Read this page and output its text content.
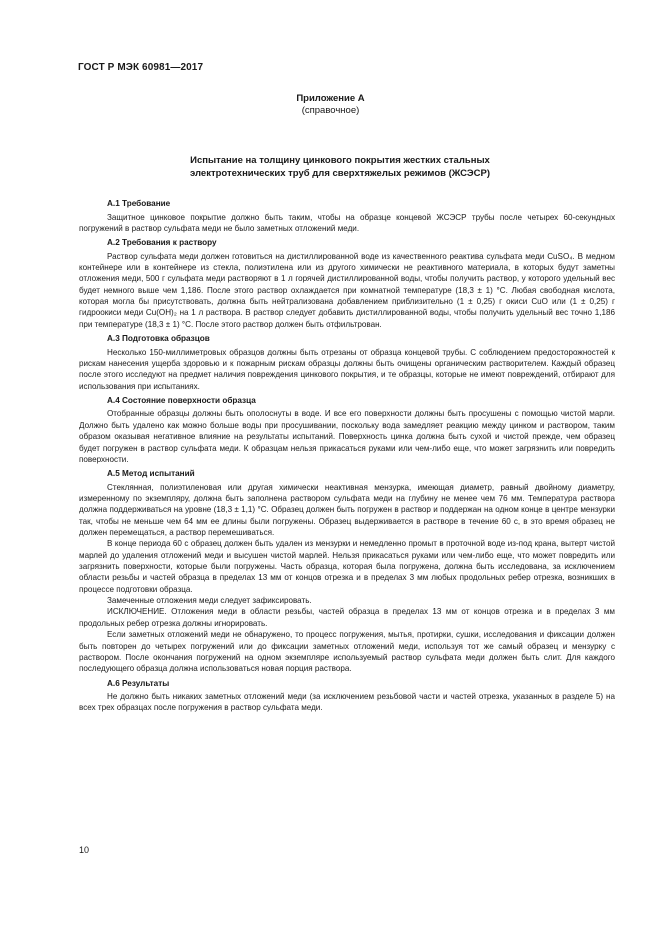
ГОСТ Р МЭК 60981—2017
Приложение А
(справочное)
Испытание на толщину цинкового покрытия жестких стальных
электротехнических труб для сверхтяжелых режимов (ЖСЭСР)
А.1 Требование

Защитное цинковое покрытие должно быть таким, чтобы на образце концевой ЖСЭСР трубы после четырех 60-секундных погружений в раствор сульфата меди не было заметных отложений меди.

А.2 Требования к раствору

Раствор сульфата меди должен готовиться на дистиллированной воде из качественного реактива сульфата меди CuSO₄. В медном контейнере или в контейнере из стекла, полиэтилена или из другого химически не реактивного материала, в которых будут заметны отложения меди, 500 г сульфата меди растворяют в 1 л горячей дистиллированной воды, чтобы получить раствор, у которого удельный вес будет немного выше чем 1,186. После этого раствор охлаждается при комнатной температуре (18,3 ± 1) °С. Любая свободная кислота, которая могла бы присутствовать, должна быть нейтрализована добавлением приблизительно (1 ± 0,25) г окиси CuO или (1 ± 0,25) г гидроокиси меди Cu(OH)₂ на 1 л раствора. В раствор следует добавить дистиллированной воды, чтобы получить удельный вес точно 1,186 при температуре (18,3 ± 1) °С. После этого раствор должен быть отфильтрован.

А.3 Подготовка образцов

Несколько 150-миллиметровых образцов должны быть отрезаны от образца концевой трубы. С соблюдением предосторожностей к рискам нанесения ущерба здоровью и к пожарным рискам образцы должны быть очищены органическим растворителем. Каждый образец после этого исследуют на предмет наличия повреждения цинкового покрытия, и те образцы, которые не имеют повреждений, отбирают для использования при испытаниях.

А.4 Состояние поверхности образца

Отобранные образцы должны быть ополоснуты в воде. И все его поверхности должны быть просушены с помощью чистой марли. Должно быть удалено как можно больше воды при просушивании, поскольку вода замедляет реакцию между цинком и раствором, таким образом оказывая негативное влияние на результаты испытаний. Поверхность цинка должна быть сухой и чистой прежде, чем образец будет погружен в раствор сульфата меди. К образцам нельзя прикасаться руками или чем-либо еще, что может загрязнить или повредить поверхности.

А.5 Метод испытаний

Стеклянная, полиэтиленовая или другая химически неактивная мензурка, имеющая диаметр, равный двойному диаметру, измеренному по экземпляру, должна быть заполнена раствором сульфата меди на глубину не менее чем 76 мм. Температура раствора должна поддерживаться на уровне (18,3 ± 1,1) °С. Образец должен быть погружен в раствор и поддержан на одном конце в центре мензурки так, чтобы не меньше чем 64 мм ее длины были погружены. Образец выдерживается в растворе в течение 60 с, в это время образец не должен перемещаться, а раствор перемешиваться.

В конце периода 60 с образец должен быть удален из мензурки и немедленно промыт в проточной воде из-под крана, вытерт чистой марлей до удаления отложений меди и высушен чистой марлей. Нельзя прикасаться руками или чем-либо еще, что может повредить или загрязнить поверхности, которые были погружены. Часть образца, которая была погружена, должна быть исследована, за исключением области резьбы и частей образца в пределах 13 мм от концов отрезка и в пределах 3 мм любых продольных ребер отрезка, возникших в процессе подготовки образца.

Замеченные отложения меди следует зафиксировать.

ИСКЛЮЧЕНИЕ. Отложения меди в области резьбы, частей образца в пределах 13 мм от концов отрезка и в пределах 3 мм продольных ребер отрезка должны игнорировать.

Если заметных отложений меди не обнаружено, то процесс погружения, мытья, протирки, сушки, исследования и фиксации должен быть повторен до четырех погружений или до фиксации заметных отложений меди, используя тот же самый образец и мензурку с раствором. После окончания погружений на одном экземпляре используемый раствор сульфата меди должен быть слит. Для каждого последующего образца должна использоваться новая порция раствора.

А.6 Результаты

Не должно быть никаких заметных отложений меди (за исключением резьбовой части и частей отрезка, указанных в разделе 5) на всех трех образцах после погружения в раствор сульфата меди.

10
